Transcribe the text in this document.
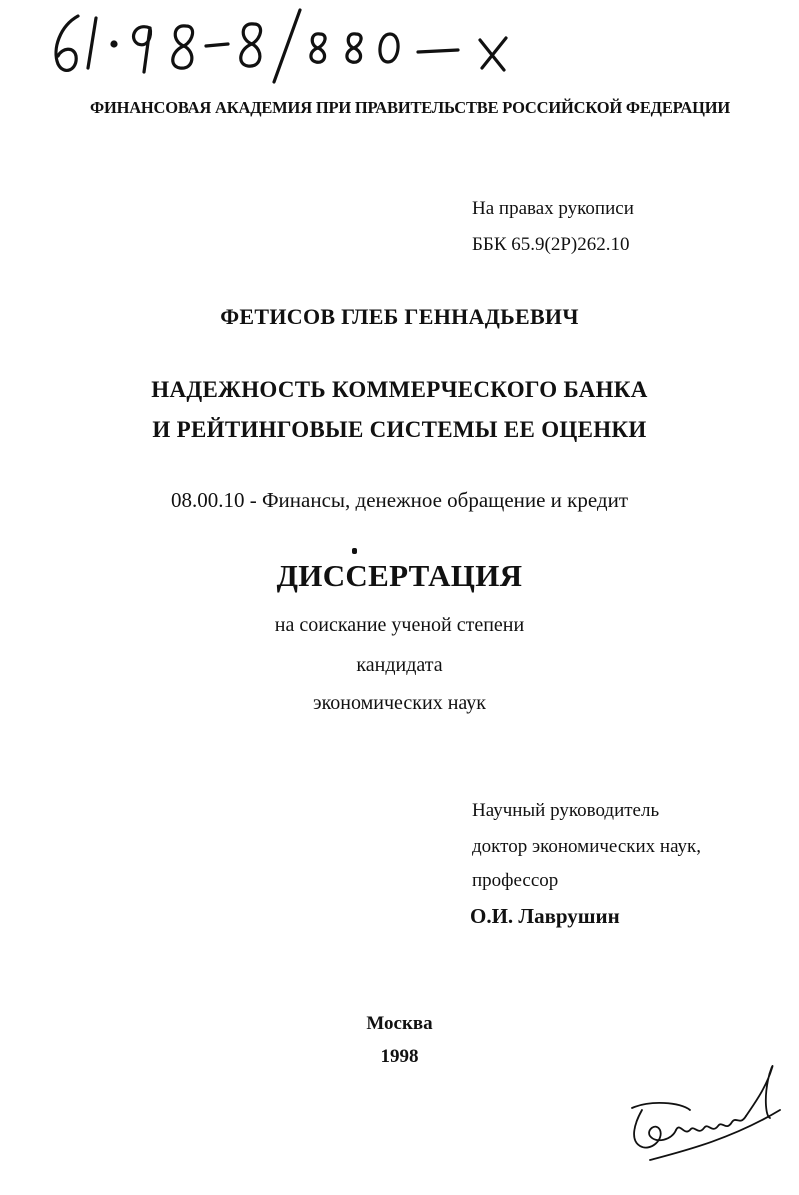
ФИНАНСОВАЯ АКАДЕМИЯ ПРИ ПРАВИТЕЛЬСТВЕ РОССИЙСКОЙ ФЕДЕРАЦИИ
На правах рукописи
ББК 65.9(2Р)262.10
ФЕТИСОВ ГЛЕБ ГЕННАДЬЕВИЧ
НАДЕЖНОСТЬ КОММЕРЧЕСКОГО БАНКА
И РЕЙТИНГОВЫЕ СИСТЕМЫ ЕЕ ОЦЕНКИ
08.00.10 - Финансы, денежное обращение и кредит
ДИССЕРТАЦИЯ
на соискание ученой степени
кандидата
экономических наук
Научный руководитель
доктор экономических наук,
профессор
О.И. Лаврушин
Москва
1998
